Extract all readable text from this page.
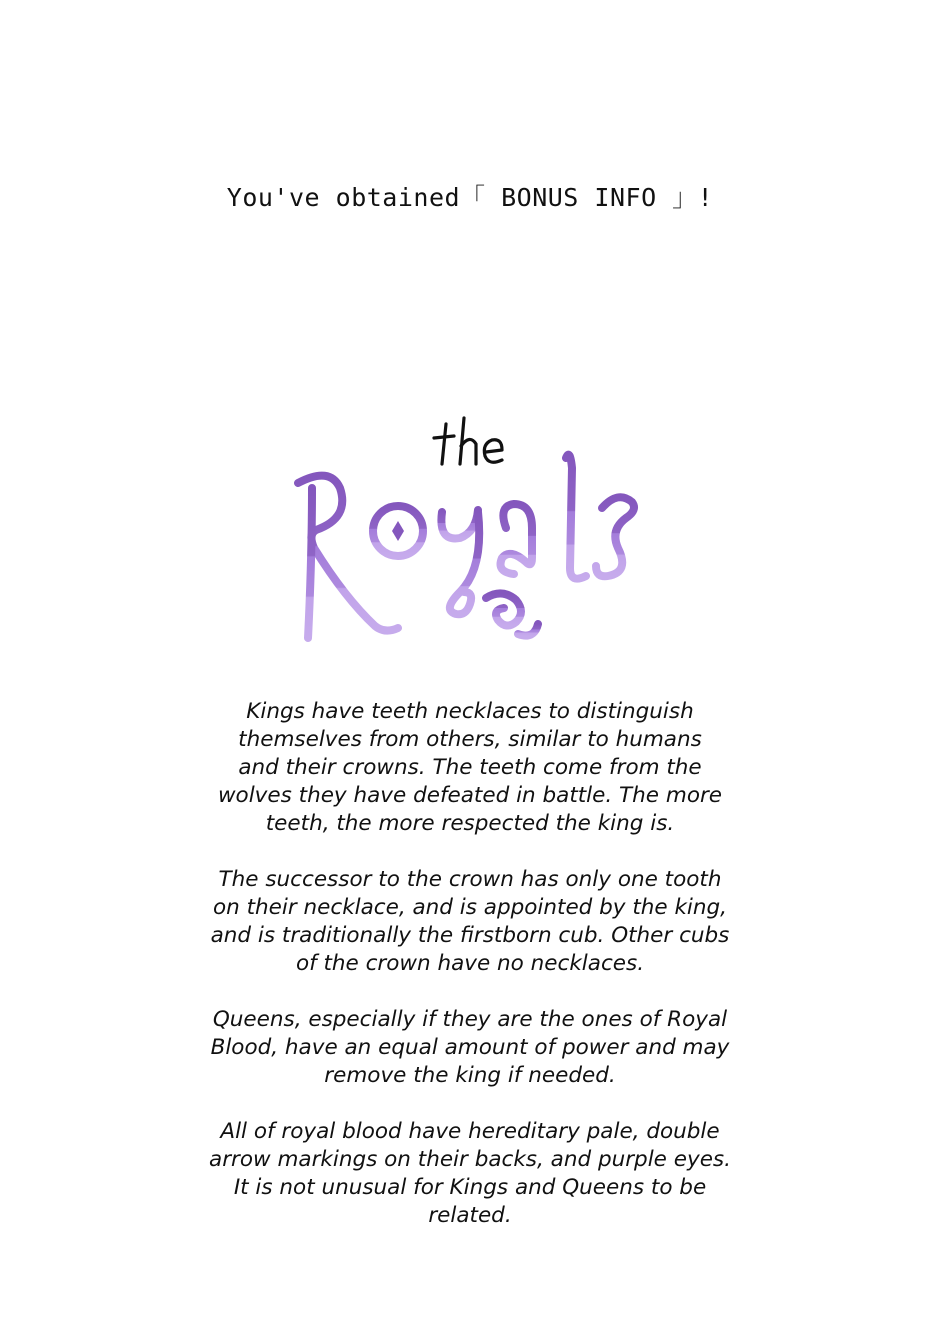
You've obtained「 BONUS INFO 」!
Kings have teeth necklaces to distinguish
themselves from others, similar to humans
and their crowns. The teeth come from the
wolves they have defeated in battle. The more
teeth, the more respected the king is.
The successor to the crown has only one tooth
on their necklace, and is appointed by the king,
and is traditionally the firstborn cub. Other cubs
of the crown have no necklaces.
Queens, especially if they are the ones of Royal
Blood, have an equal amount of power and may
remove the king if needed.
All of royal blood have hereditary pale, double
arrow markings on their backs, and purple eyes.
It is not unusual for Kings and Queens to be
related.
